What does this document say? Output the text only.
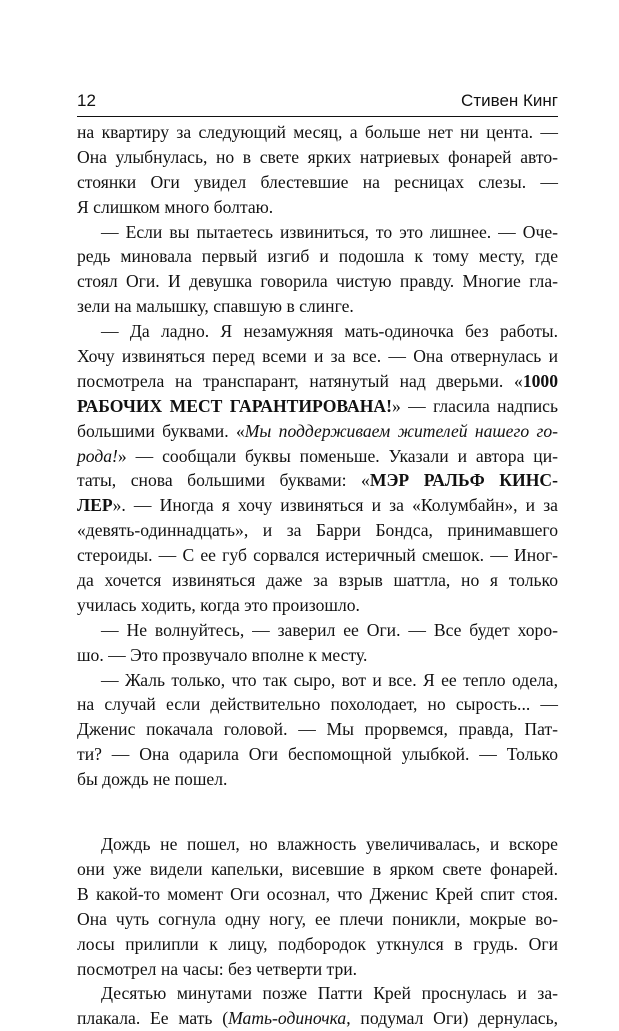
12	Стивен Кинг
на квартиру за следующий месяц, а больше нет ни цента. —
Она улыбнулась, но в свете ярких натриевых фонарей авто-
стоянки Оги увидел блестевшие на ресницах слезы. —
Я слишком много болтаю.
— Если вы пытаетесь извиниться, то это лишнее. — Оче-
редь миновала первый изгиб и подошла к тому месту, где
стоял Оги. И девушка говорила чистую правду. Многие гла-
зели на малышку, спавшую в слинге.
— Да ладно. Я незамужняя мать-одиночка без работы.
Хочу извиняться перед всеми и за все. — Она отвернулась и
посмотрела на транспарант, натянутый над дверьми. «1000
РАБОЧИХ МЕСТ ГАРАНТИРОВАНА!» — гласила надпись
большими буквами. «Мы поддерживаем жителей нашего го-
рода!» — сообщали буквы поменьше. Указали и автора ци-
таты, снова большими буквами: «МЭР РАЛЬФ КИНС-
ЛЕР». — Иногда я хочу извиняться и за «Колумбайн», и за
«девять-одиннадцать», и за Барри Бондса, принимавшего
стероиды. — С ее губ сорвался истеричный смешок. — Иног-
да хочется извиняться даже за взрыв шаттла, но я только
училась ходить, когда это произошло.
— Не волнуйтесь, — заверил ее Оги. — Все будет хоро-
шо. — Это прозвучало вполне к месту.
— Жаль только, что так сыро, вот и все. Я ее тепло одела,
на случай если действительно похолодает, но сырость... —
Дженис покачала головой. — Мы прорвемся, правда, Пат-
ти? — Она одарила Оги беспомощной улыбкой. — Только
бы дождь не пошел.
Дождь не пошел, но влажность увеличивалась, и вскоре
они уже видели капельки, висевшие в ярком свете фонарей.
В какой-то момент Оги осознал, что Дженис Крей спит стоя.
Она чуть согнула одну ногу, ее плечи поникли, мокрые во-
лосы прилипли к лицу, подбородок уткнулся в грудь. Оги
посмотрел на часы: без четверти три.
Десятью минутами позже Патти Крей проснулась и за-
плакала. Ее мать (Мать-одиночка, подумал Оги) дернулась,
